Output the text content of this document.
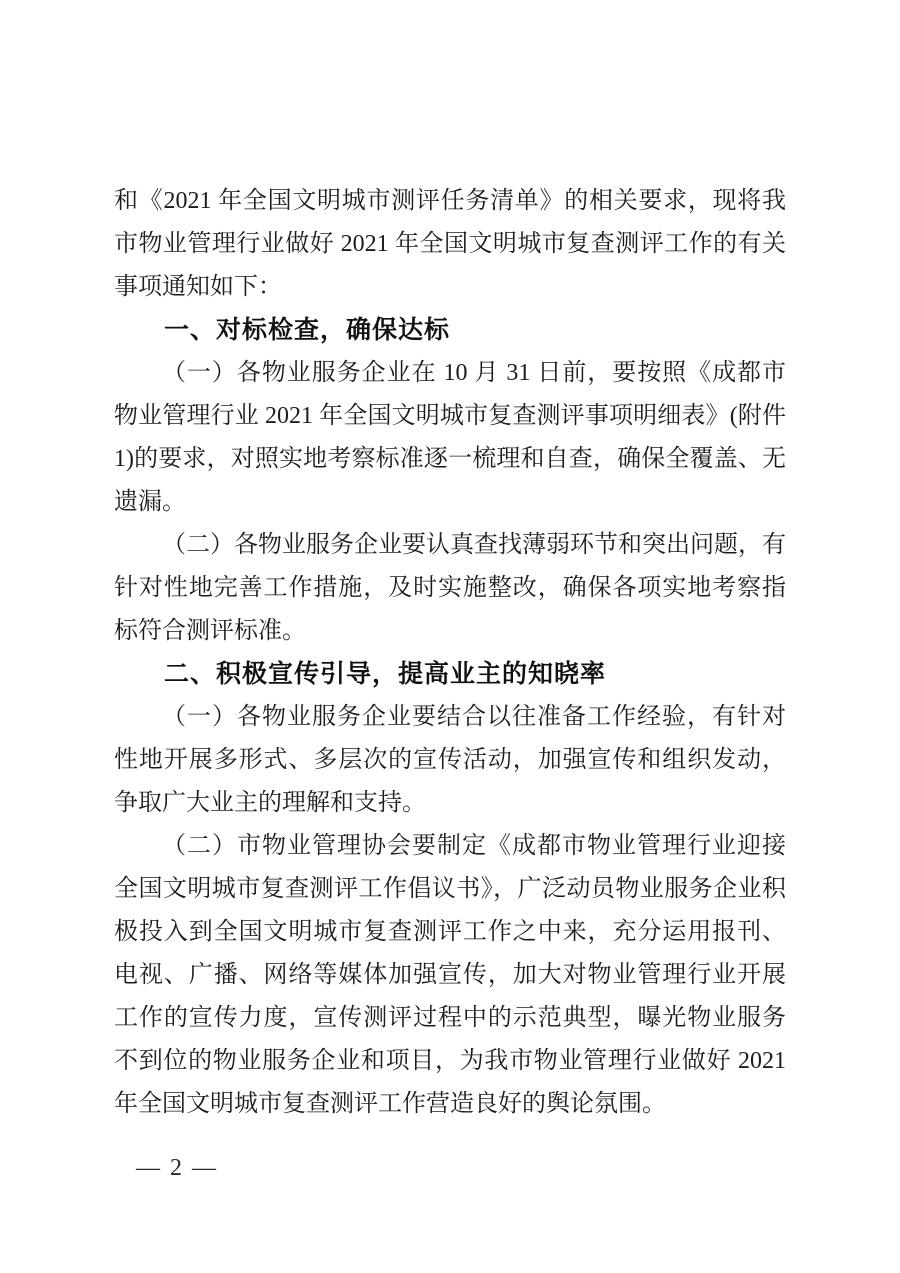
和《2021 年全国文明城市测评任务清单》的相关要求，现将我
市物业管理行业做好 2021 年全国文明城市复查测评工作的有关
事项通知如下：
一、对标检查，确保达标
（一）各物业服务企业在 10 月 31 日前，要按照《成都市
物业管理行业 2021 年全国文明城市复查测评事项明细表》(附件
1)的要求，对照实地考察标准逐一梳理和自查，确保全覆盖、无
遗漏。
（二）各物业服务企业要认真查找薄弱环节和突出问题，有
针对性地完善工作措施，及时实施整改，确保各项实地考察指
标符合测评标准。
二、积极宣传引导，提高业主的知晓率
（一）各物业服务企业要结合以往准备工作经验，有针对
性地开展多形式、多层次的宣传活动，加强宣传和组织发动，
争取广大业主的理解和支持。
（二）市物业管理协会要制定《成都市物业管理行业迎接
全国文明城市复查测评工作倡议书》，广泛动员物业服务企业积
极投入到全国文明城市复查测评工作之中来，充分运用报刊、
电视、广播、网络等媒体加强宣传，加大对物业管理行业开展
工作的宣传力度，宣传测评过程中的示范典型，曝光物业服务
不到位的物业服务企业和项目，为我市物业管理行业做好 2021
年全国文明城市复查测评工作营造良好的舆论氛围。
— 2 —
